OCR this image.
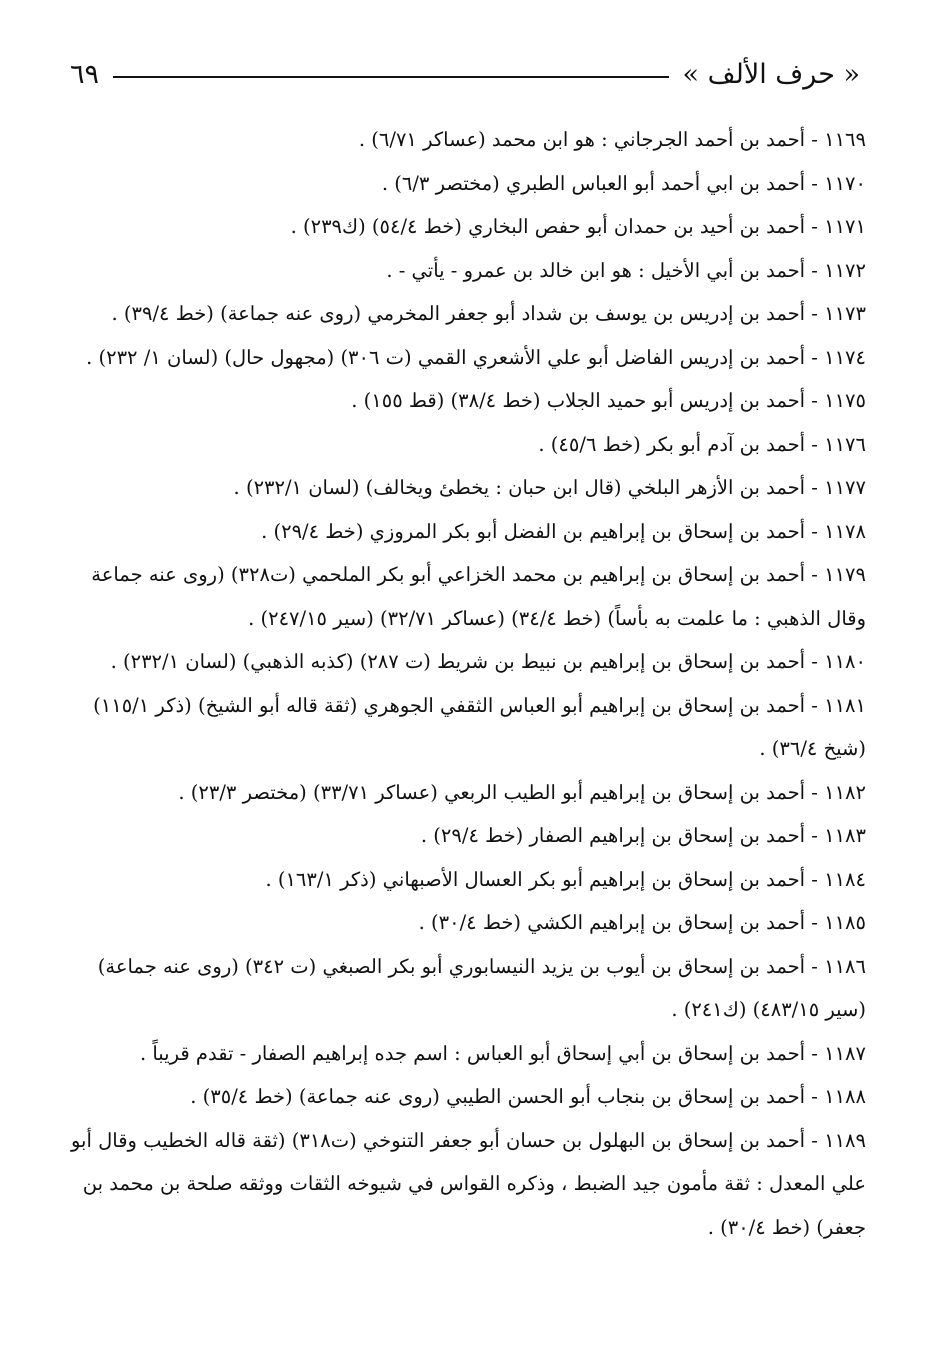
« حرف الألف »
٦٩

١١٦٩ - أحمد بن أحمد الجرجاني : هو ابن محمد (عساكر ٦/٧١) .

١١٧٠ - أحمد بن ابي أحمد أبو العباس الطبري (مختصر ٦/٣) .

١١٧١ - أحمد بن أحيد بن حمدان أبو حفص البخاري (خط ٥٤/٤) (ك٢٣٩) .

١١٧٢ - أحمد بن أبي الأخيل : هو ابن خالد بن عمرو - يأتي - .

١١٧٣ - أحمد بن إدريس بن يوسف بن شداد أبو جعفر المخرمي (روى عنه جماعة) (خط ٣٩/٤) .

١١٧٤ - أحمد بن إدريس الفاضل أبو علي الأشعري القمي (ت ٣٠٦) (مجهول حال) (لسان ١/ ٢٣٢) .

١١٧٥ - أحمد بن إدريس أبو حميد الجلاب (خط ٣٨/٤) (قط ١٥٥) .

١١٧٦ - أحمد بن آدم أبو بكر (خط ٤٥/٦) .

١١٧٧ - أحمد بن الأزهر البلخي (قال ابن حبان : يخطئ ويخالف) (لسان ٢٣٢/١) .

١١٧٨ - أحمد بن إسحاق بن إبراهيم بن الفضل أبو بكر المروزي (خط ٢٩/٤) .

١١٧٩ - أحمد بن إسحاق بن إبراهيم بن محمد الخزاعي أبو بكر الملحمي (ت٣٢٨) (روى عنه جماعة وقال الذهبي : ما علمت به بأساً) (خط ٣٤/٤) (عساكر ٣٢/٧١) (سير ٢٤٧/١٥) .

١١٨٠ - أحمد بن إسحاق بن إبراهيم بن نبيط بن شريط (ت ٢٨٧) (كذبه الذهبي) (لسان ٢٣٢/١) .

١١٨١ - أحمد بن إسحاق بن إبراهيم أبو العباس الثقفي الجوهري (ثقة قاله أبو الشيخ) (ذكر ١١٥/١) (شيخ ٣٦/٤) .

١١٨٢ - أحمد بن إسحاق بن إبراهيم أبو الطيب الربعي (عساكر ٣٣/٧١) (مختصر ٢٣/٣) .

١١٨٣ - أحمد بن إسحاق بن إبراهيم الصفار (خط ٢٩/٤) .

١١٨٤ - أحمد بن إسحاق بن إبراهيم أبو بكر العسال الأصبهاني (ذكر ١٦٣/١) .

١١٨٥ - أحمد بن إسحاق بن إبراهيم الكشي (خط ٣٠/٤) .

١١٨٦ - أحمد بن إسحاق بن أيوب بن يزيد النيسابوري أبو بكر الصبغي (ت ٣٤٢) (روى عنه جماعة) (سير ٤٨٣/١٥) (ك٢٤١) .

١١٨٧ - أحمد بن إسحاق بن أبي إسحاق أبو العباس : اسم جده إبراهيم الصفار - تقدم قريباً .

١١٨٨ - أحمد بن إسحاق بن بنجاب أبو الحسن الطيبي (روى عنه جماعة) (خط ٣٥/٤) .

١١٨٩ - أحمد بن إسحاق بن البهلول بن حسان أبو جعفر التنوخي (ت٣١٨) (ثقة قاله الخطيب وقال أبو علي المعدل : ثقة مأمون جيد الضبط ، وذكره القواس في شيوخه الثقات ووثقه صلحة بن محمد بن جعفر) (خط ٣٠/٤) .
